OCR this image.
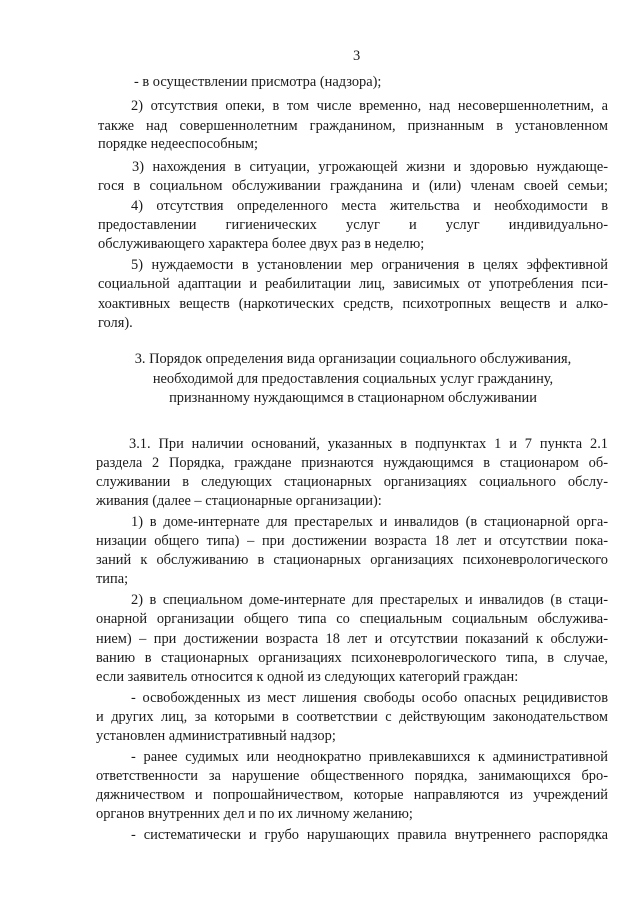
3
- в осуществлении присмотра (надзора);
2) отсутствия опеки, в том числе временно, над несовершеннолетним, а
также над совершеннолетним гражданином, признанным в установленном
порядке недееспособным;
3) нахождения в ситуации, угрожающей жизни и здоровью нуждающе-
гося в социальном обслуживании гражданина и (или) членам своей семьи;
4) отсутствия определенного места жительства и необходимости в
предоставлении гигиенических услуг и услуг индивидуально-
обслуживающего характера более двух раз в неделю;
5) нуждаемости в установлении мер ограничения в целях эффективной
социальной адаптации и реабилитации лиц, зависимых от употребления пси-
хоактивных веществ (наркотических средств, психотропных веществ и алко-
голя).
3. Порядок определения вида организации социального обслуживания,
необходимой для предоставления социальных услуг гражданину,
признанному нуждающимся в стационарном обслуживании
3.1. При наличии оснований, указанных в подпунктах 1 и 7 пункта 2.1
раздела 2 Порядка, граждане признаются нуждающимся в стационаром об-
служивании в следующих стационарных организациях социального обслу-
живания (далее – стационарные организации):
1) в доме-интернате для престарелых и инвалидов (в стационарной орга-
низации общего типа) – при достижении возраста 18 лет и отсутствии пока-
заний к обслуживанию в стационарных организациях психоневрологического
типа;
2) в специальном доме-интернате для престарелых и инвалидов (в стаци-
онарной организации общего типа со специальным социальным обслужива-
нием) – при достижении возраста 18 лет и отсутствии показаний к обслужи-
ванию в стационарных организациях психоневрологического типа, в случае,
если заявитель относится к одной из следующих категорий граждан:
- освобожденных из мест лишения свободы особо опасных рецидивистов
и других лиц, за которыми в соответствии с действующим законодательством
установлен административный надзор;
- ранее судимых или неоднократно привлекавшихся к административной
ответственности за нарушение общественного порядка, занимающихся бро-
дяжничеством и попрошайничеством, которые направляются из учреждений
органов внутренних дел и по их личному желанию;
- систематически и грубо нарушающих правила внутреннего распорядка
